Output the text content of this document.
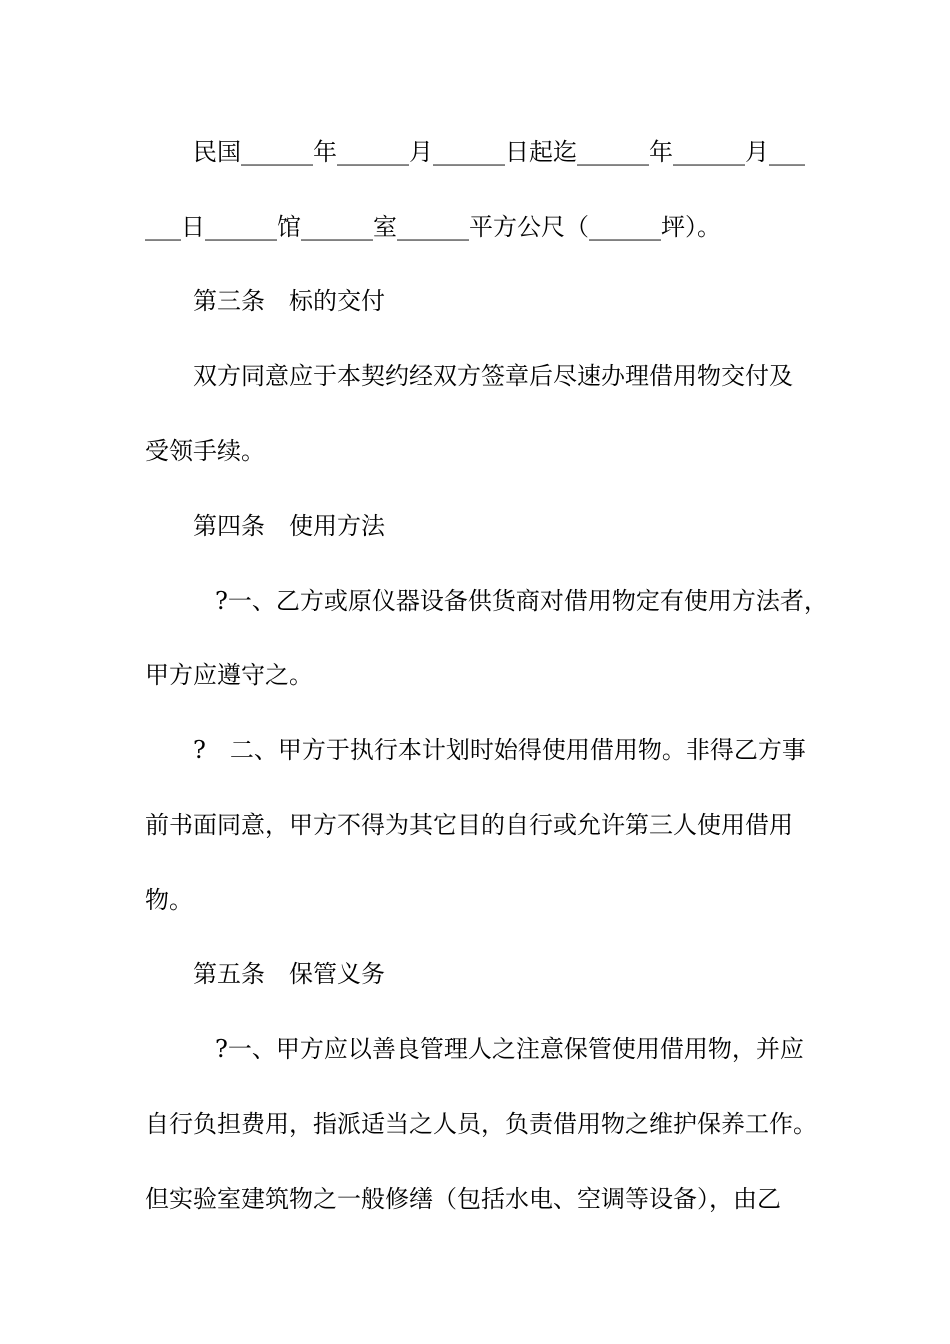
民国______年______月______日起迄______年______月___
___日______馆______室______平方公尺（______坪）。
第三条　标的交付
双方同意应于本契约经双方签章后尽速办理借用物交付及
受领手续。
第四条　使用方法
?一、乙方或原仪器设备供货商对借用物定有使用方法者，
甲方应遵守之。
?　二、甲方于执行本计划时始得使用借用物。非得乙方事
前书面同意，甲方不得为其它目的自行或允许第三人使用借用
物。
第五条　保管义务
?一、甲方应以善良管理人之注意保管使用借用物，并应
自行负担费用，指派适当之人员，负责借用物之维护保养工作。
但实验室建筑物之一般修缮（包括水电、空调等设备），由乙
